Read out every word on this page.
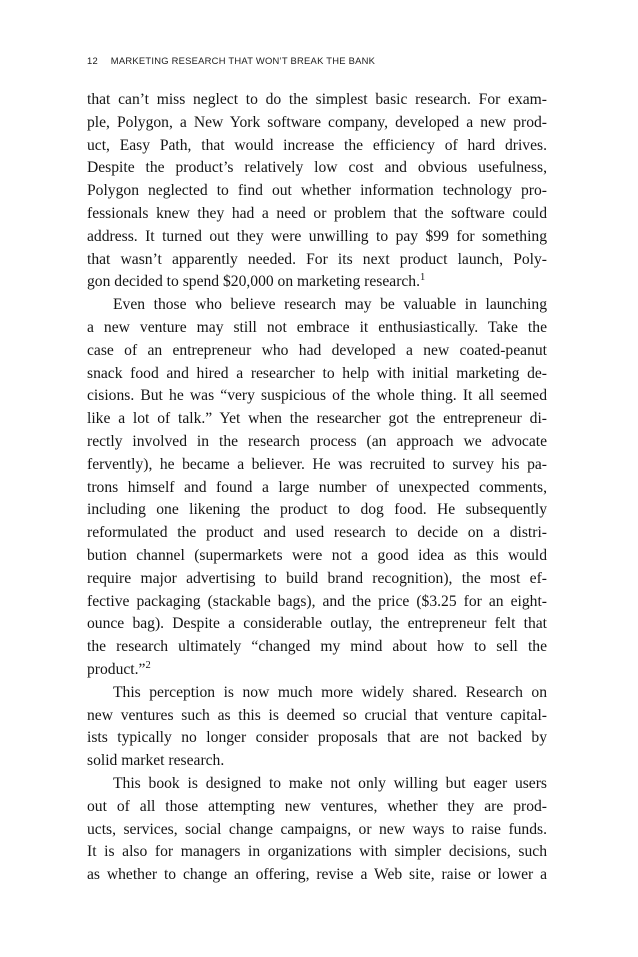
12 MARKETING RESEARCH THAT WON’T BREAK THE BANK
that can’t miss neglect to do the simplest basic research. For exam-
ple, Polygon, a New York software company, developed a new prod-
uct, Easy Path, that would increase the efficiency of hard drives.
Despite the product’s relatively low cost and obvious usefulness,
Polygon neglected to find out whether information technology pro-
fessionals knew they had a need or problem that the software could
address. It turned out they were unwilling to pay $99 for something
that wasn’t apparently needed. For its next product launch, Poly-
gon decided to spend $20,000 on marketing research.$^1$
Even those who believe research may be valuable in launching
a new venture may still not embrace it enthusiastically. Take the
case of an entrepreneur who had developed a new coated-peanut
snack food and hired a researcher to help with initial marketing de-
cisions. But he was “very suspicious of the whole thing. It all seemed
like a lot of talk.” Yet when the researcher got the entrepreneur di-
rectly involved in the research process (an approach we advocate
fervently), he became a believer. He was recruited to survey his pa-
trons himself and found a large number of unexpected comments,
including one likening the product to dog food. He subsequently
reformulated the product and used research to decide on a distri-
bution channel (supermarkets were not a good idea as this would
require major advertising to build brand recognition), the most ef-
fective packaging (stackable bags), and the price ($3.25 for an eight-
ounce bag). Despite a considerable outlay, the entrepreneur felt that
the research ultimately “changed my mind about how to sell the
product.”$^2$
This perception is now much more widely shared. Research on
new ventures such as this is deemed so crucial that venture capital-
ists typically no longer consider proposals that are not backed by
solid market research.
This book is designed to make not only willing but eager users
out of all those attempting new ventures, whether they are prod-
ucts, services, social change campaigns, or new ways to raise funds.
It is also for managers in organizations with simpler decisions, such
as whether to change an offering, revise a Web site, raise or lower a
